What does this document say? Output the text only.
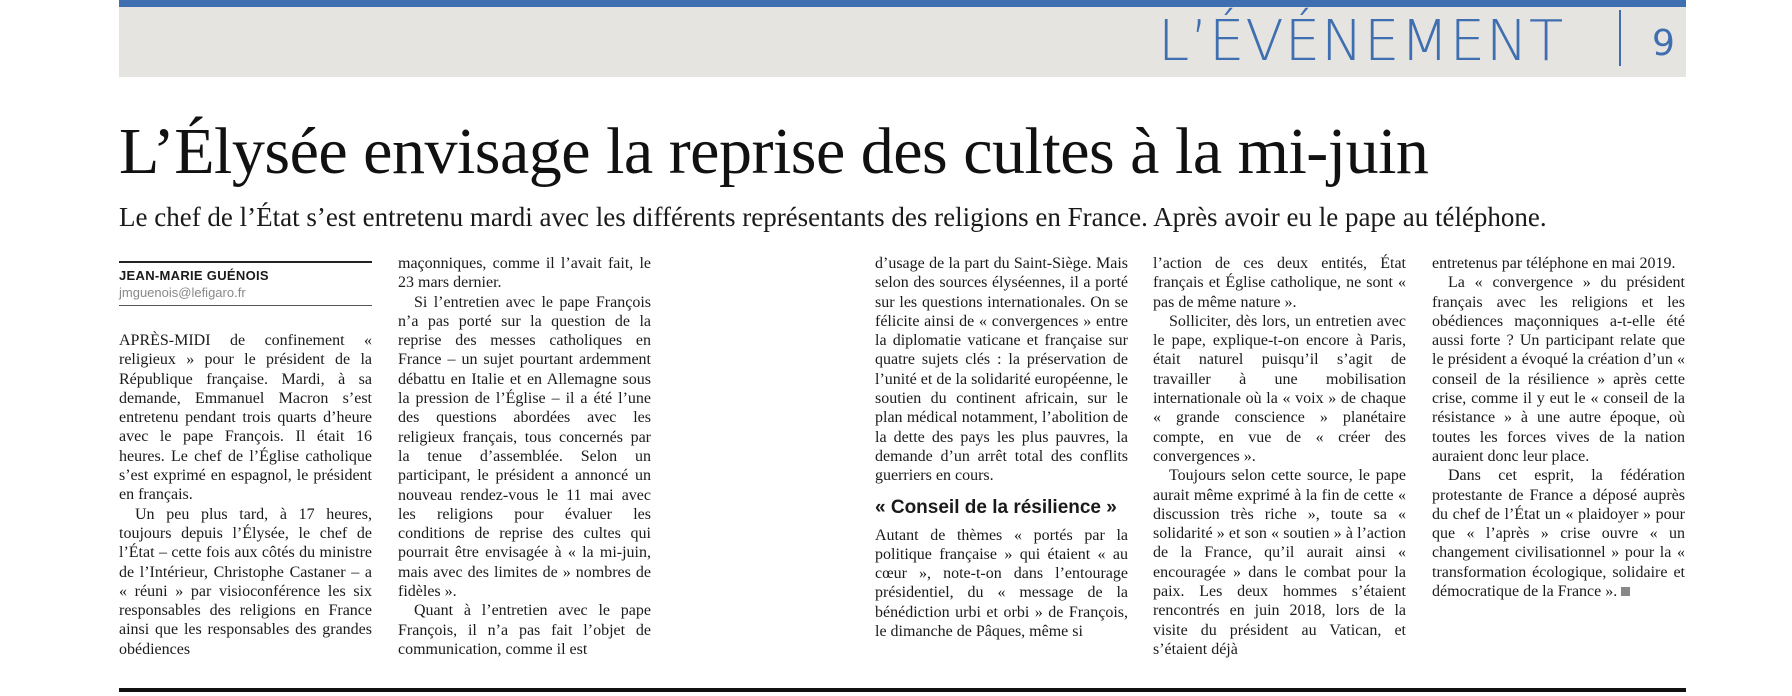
L’ÉVÉNEMENT 9
L’Élysée envisage la reprise des cultes à la mi-juin
Le chef de l’État s’est entretenu mardi avec les différents représentants des religions en France. Après avoir eu le pape au téléphone.
JEAN-MARIE GUÉNOIS
jmguenois@lefigaro.fr

APRÈS-MIDI de confinement « religieux » pour le président de la République française. Mardi, à sa demande, Emmanuel Macron s’est entretenu pendant trois quarts d’heure avec le pape François. Il était 16 heures. Le chef de l’Église catholique s’est exprimé en espagnol, le président en français.

Un peu plus tard, à 17 heures, toujours depuis l’Élysée, le chef de l’État – cette fois aux côtés du ministre de l’Intérieur, Christophe Castaner – a « réuni » par visioconférence les six responsables des religions en France ainsi que les responsables des grandes obédiences

maçonniques, comme il l’avait fait, le 23 mars dernier.

Si l’entretien avec le pape François n’a pas porté sur la question de la reprise des messes catholiques en France – un sujet pourtant ardemment débattu en Italie et en Allemagne sous la pression de l’Église – il a été l’une des questions abordées avec les religieux français, tous concernés par la tenue d’assemblée. Selon un participant, le président a annoncé un nouveau rendez-vous le 11 mai avec les religions pour évaluer les conditions de reprise des cultes qui pourrait être envisagée à « la mi-juin, mais avec des limites de » nombres de fidèles ».

Quant à l’entretien avec le pape François, il n’a pas fait l’objet de communication, comme il est

d’usage de la part du Saint-Siège. Mais selon des sources élyséennes, il a porté sur les questions internationales. On se félicite ainsi de « convergences » entre la diplomatie vaticane et française sur quatre sujets clés : la préservation de l’unité et de la solidarité européenne, le soutien du continent africain, sur le plan médical notamment, l’abolition de la dette des pays les plus pauvres, la demande d’un arrêt total des conflits guerriers en cours.

« Conseil de la résilience »

Autant de thèmes « portés par la politique française » qui étaient « au cœur », note-t-on dans l’entourage présidentiel, du « message de la bénédiction urbi et orbi » de François, le dimanche de Pâques, même si

l’action de ces deux entités, État français et Église catholique, ne sont « pas de même nature ».

Solliciter, dès lors, un entretien avec le pape, explique-t-on encore à Paris, était naturel puisqu’il s’agit de travailler à une mobilisation internationale où la « voix » de chaque « grande conscience » planétaire compte, en vue de « créer des convergences ».

Toujours selon cette source, le pape aurait même exprimé à la fin de cette « discussion très riche », toute sa « solidarité » et son « soutien » à l’action de la France, qu’il aurait ainsi « encouragée » dans le combat pour la paix. Les deux hommes s’étaient rencontrés en juin 2018, lors de la visite du président au Vatican, et s’étaient déjà

entretenus par téléphone en mai 2019.

La « convergence » du président français avec les religions et les obédiences maçonniques a-t-elle été aussi forte ? Un participant relate que le président a évoqué la création d’un « conseil de la résilience » après cette crise, comme il y eut le « conseil de la résistance » à une autre époque, où toutes les forces vives de la nation auraient donc leur place.

Dans cet esprit, la fédération protestante de France a déposé auprès du chef de l’État un « plaidoyer » pour que « l’après » crise ouvre « un changement civilisationnel » pour la « transformation écologique, solidaire et démocratique de la France ».
